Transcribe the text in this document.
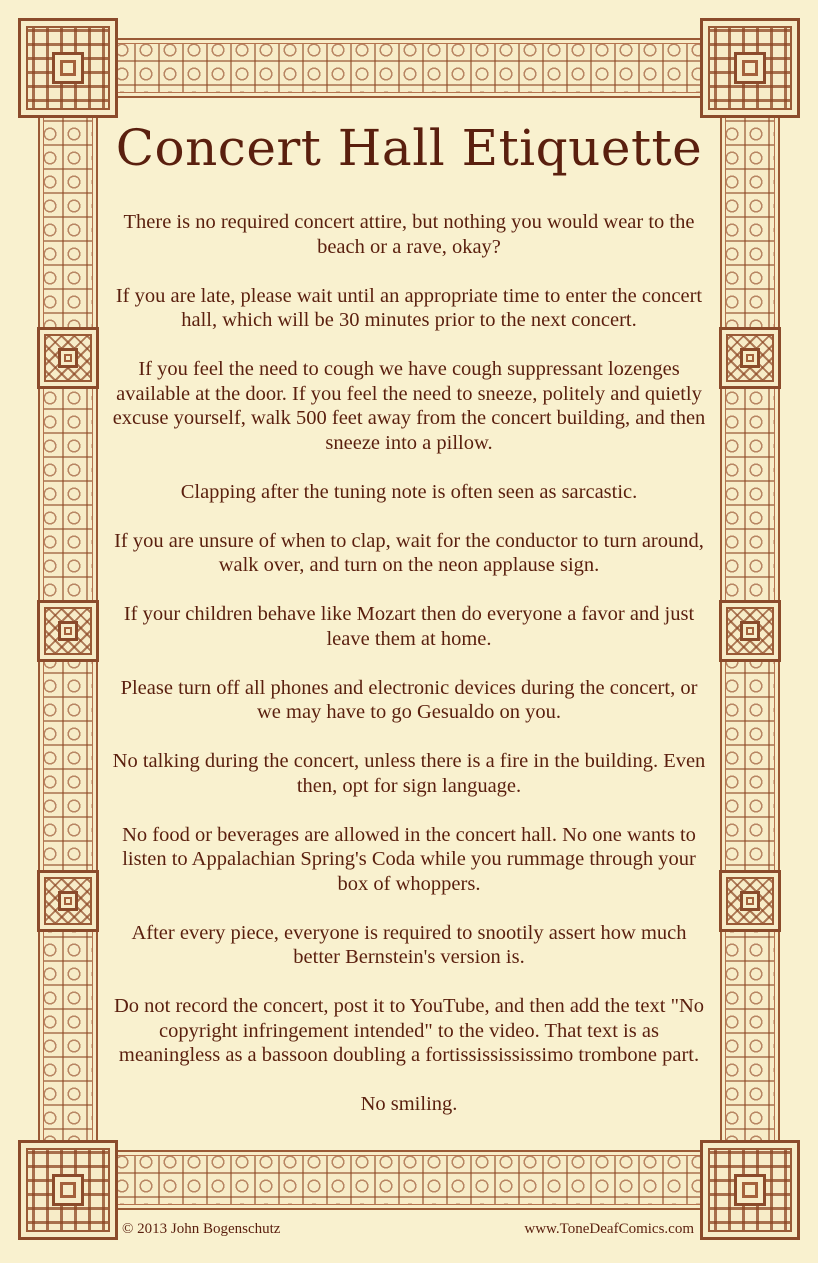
Concert Hall Etiquette
There is no required concert attire, but nothing you would wear to the beach or a rave, okay?
If you are late, please wait until an appropriate time to enter the concert hall, which will be 30 minutes prior to the next concert.
If you feel the need to cough we have cough suppressant lozenges available at the door. If you feel the need to sneeze, politely and quietly excuse yourself, walk 500 feet away from the concert building, and then sneeze into a pillow.
Clapping after the tuning note is often seen as sarcastic.
If you are unsure of when to clap, wait for the conductor to turn around, walk over, and turn on the neon applause sign.
If your children behave like Mozart then do everyone a favor and just leave them at home.
Please turn off all phones and electronic devices during the concert, or we may have to go Gesualdo on you.
No talking during the concert, unless there is a fire in the building. Even then, opt for sign language.
No food or beverages are allowed in the concert hall. No one wants to listen to Appalachian Spring's Coda while you rummage through your box of whoppers.
After every piece, everyone is required to snootily assert how much better Bernstein's version is.
Do not record the concert, post it to YouTube, and then add the text "No copyright infringement intended" to the video. That text is as meaningless as a bassoon doubling a fortississississimo trombone part.
No smiling.
© 2013 John Bogenschutz	www.ToneDeafComics.com
